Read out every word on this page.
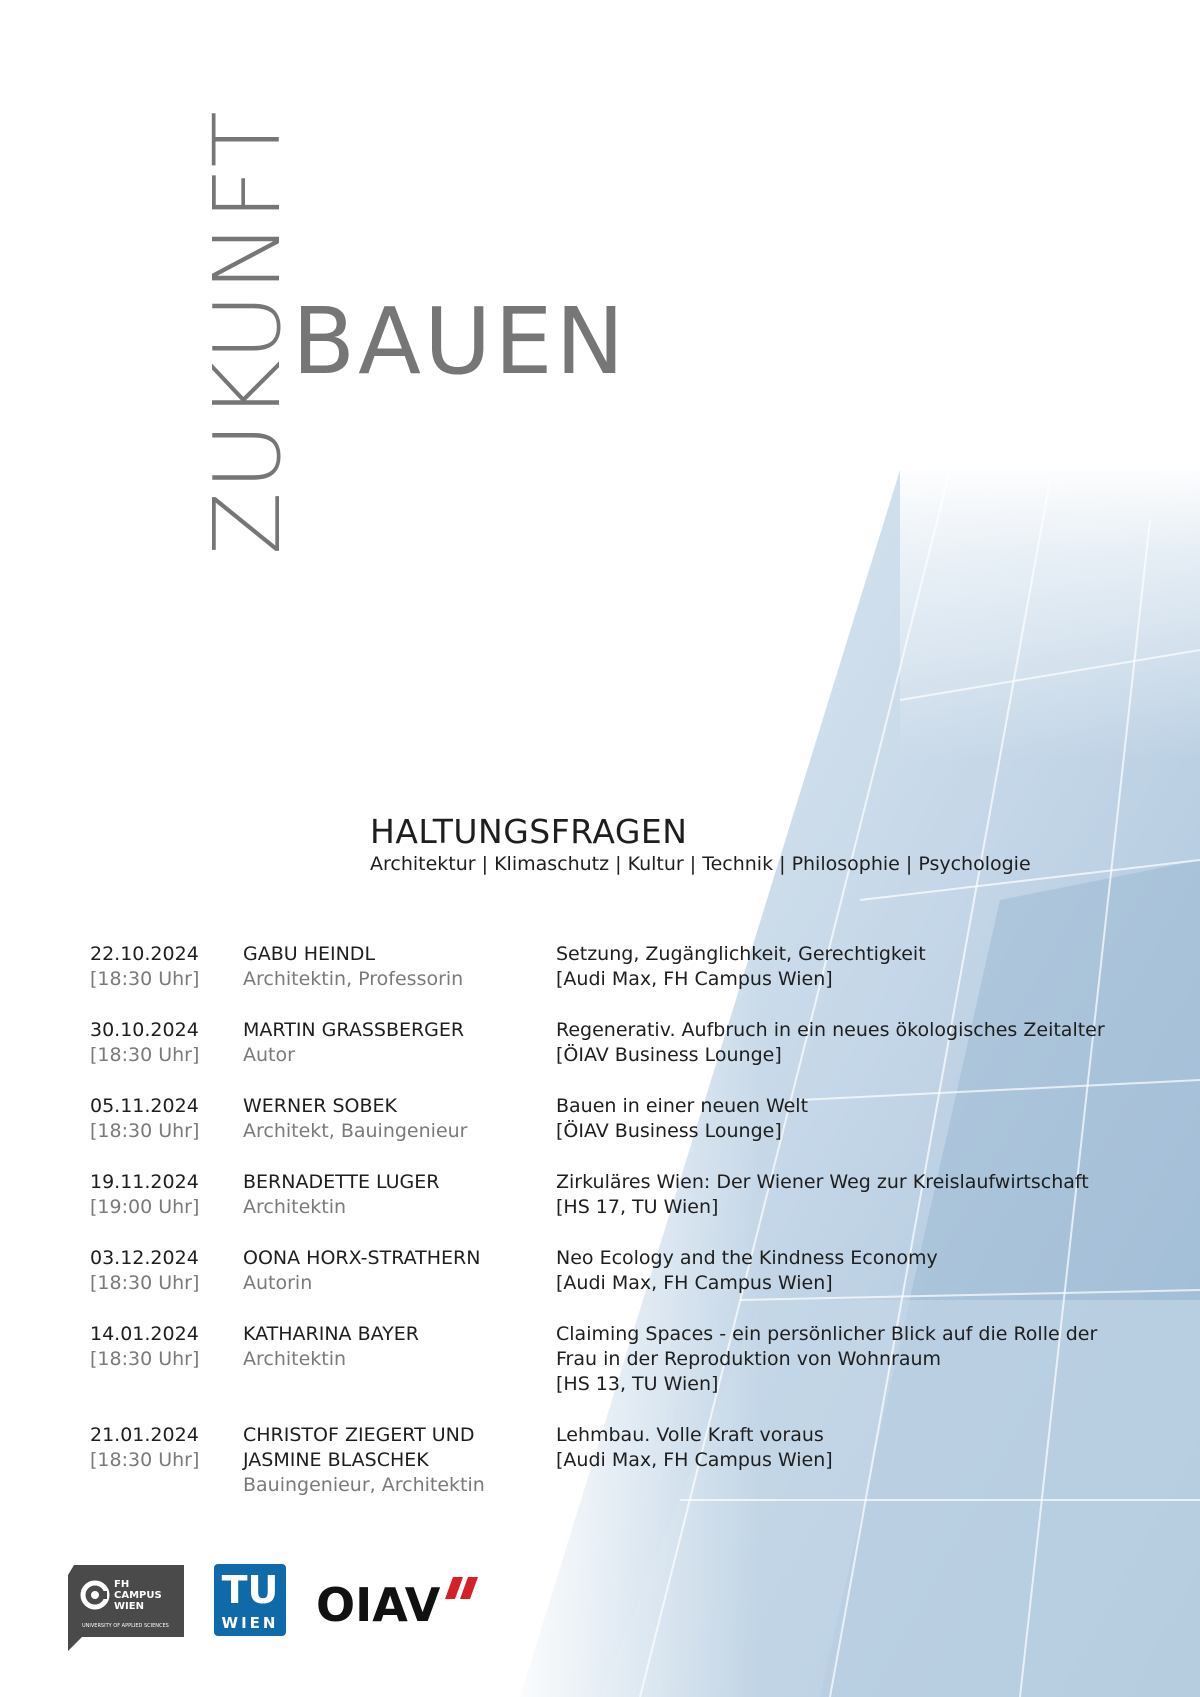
ZUKUNFT
BAUEN
HALTUNGSFRAGEN
Architektur | Klimaschutz | Kultur | Technik | Philosophie | Psychologie
22.10.2024
[18:30 Uhr]
GABU HEINDL
Architektin, Professorin
Setzung, Zugänglichkeit, Gerechtigkeit
[Audi Max, FH Campus Wien]
30.10.2024
[18:30 Uhr]
MARTIN GRASSBERGER
Autor
Regenerativ. Aufbruch in ein neues ökologisches Zeitalter
[ÖIAV Business Lounge]
05.11.2024
[18:30 Uhr]
WERNER SOBEK
Architekt, Bauingenieur
Bauen in einer neuen Welt
[ÖIAV Business Lounge]
19.11.2024
[19:00 Uhr]
BERNADETTE LUGER
Architektin
Zirkuläres Wien: Der Wiener Weg zur Kreislaufwirtschaft
[HS 17, TU Wien]
03.12.2024
[18:30 Uhr]
OONA HORX-STRATHERN
Autorin
Neo Ecology and the Kindness Economy
[Audi Max, FH Campus Wien]
14.01.2024
[18:30 Uhr]
KATHARINA BAYER
Architektin
Claiming Spaces - ein persönlicher Blick auf die Rolle der
Frau in der Reproduktion von Wohnraum
[HS 13, TU Wien]
21.01.2024
[18:30 Uhr]
CHRISTOF ZIEGERT UND
JASMINE BLASCHEK
Bauingenieur, Architektin
Lehmbau. Volle Kraft voraus
[Audi Max, FH Campus Wien]
FH
CAMPUS
WIEN
UNIVERSITY OF APPLIED SCIENCES
TU
WIEN OIAV
